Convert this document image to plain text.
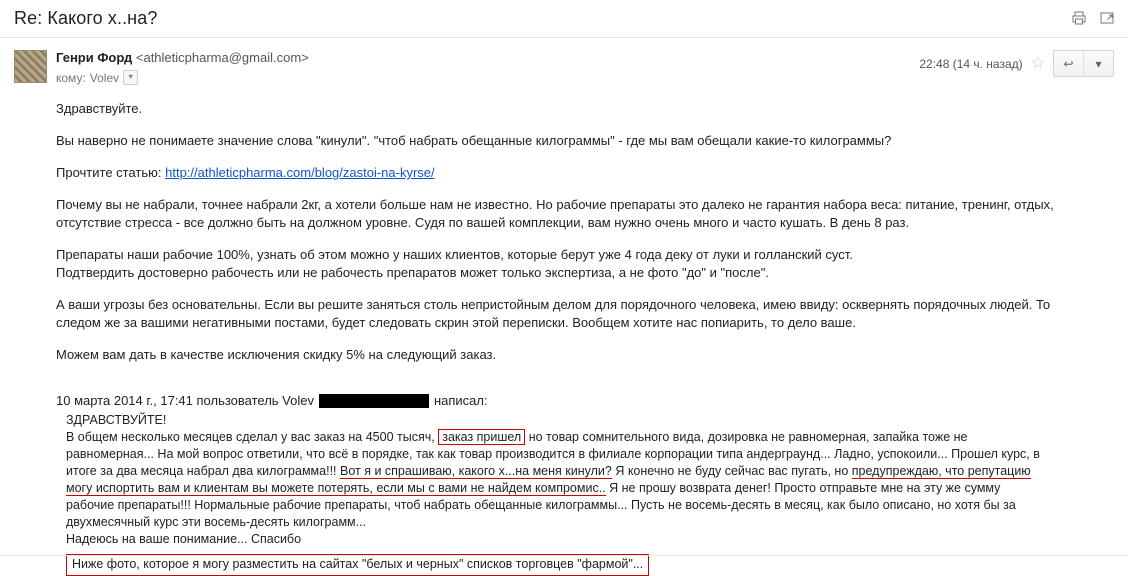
Re: Какого х..на?
Генри Форд <athleticpharma@gmail.com>
кому: Volev	▾
22:48 (14 ч. назад) ☆	↩	▾

Здравствуйте.

Вы наверно не понимаете значение слова "кинули". "чтоб набрать обещанные килограммы" - где мы вам обещали какие-то килограммы?

Прочтите статью: http://athleticpharma.com/blog/zastoi-na-kyrse/

Почему вы не набрали, точнее набрали 2кг, а хотели больше нам не известно. Но рабочие препараты это далеко не гарантия набора веса: питание, тренинг, отдых,
отсутствие стресса - все должно быть на должном уровне. Судя по вашей комплекции, вам нужно очень много и часто кушать. В день 8 раз.

Препараты наши рабочие 100%, узнать об этом можно у наших клиентов, которые берут уже 4 года деку от луки и голланский суст.
Подтвердить достоверно рабочесть или не рабочесть препаратов может только экспертиза, а не фото "до" и "после".

А ваши угрозы без основательны. Если вы решите заняться столь непристойным делом для порядочного человека, имею ввиду: осквернять порядочных людей. То
следом же за вашими негативными постами, будет следовать скрин этой переписки. Вообщем хотите нас попиарить, то дело ваше.

Можем вам дать в качестве исключения скидку 5% на следующий заказ.

10 марта 2014 г., 17:41 пользователь Volev	написал:

ЗДРАВСТВУЙТЕ!

В общем несколько месяцев сделал у вас заказ на 4500 тысяч, заказ пришел но товар сомнительного вида, дозировка не равномерная, запайка тоже не

равномерная... На мой вопрос ответили, что всё в порядке, так как товар производится в филиале корпорации типа андерграунд... Ладно, успокоили... Прошел курс, в

итоге за два месяца набрал два килограмма!!! Вот я и спрашиваю, какого х...на меня кинули? Я конечно не буду сейчас вас пугать, но предупреждаю, что репутацию

могу испортить вам и клиентам вы можете потерять, если мы с вами не найдем компромис.. Я не прошу возврата денег! Просто отправьте мне на эту же сумму

рабочие препараты!!! Нормальные рабочие препараты, чтоб набрать обещанные килограммы... Пусть не восемь-десять в месяц, как было описано, но хотя бы за

двухмесячный курс эти восемь-десять килограмм...

Надеюсь на ваше понимание... Спасибо

Ниже фото, которое я могу разместить на сайтах "белых и черных" списков торговцев "фармой"...
